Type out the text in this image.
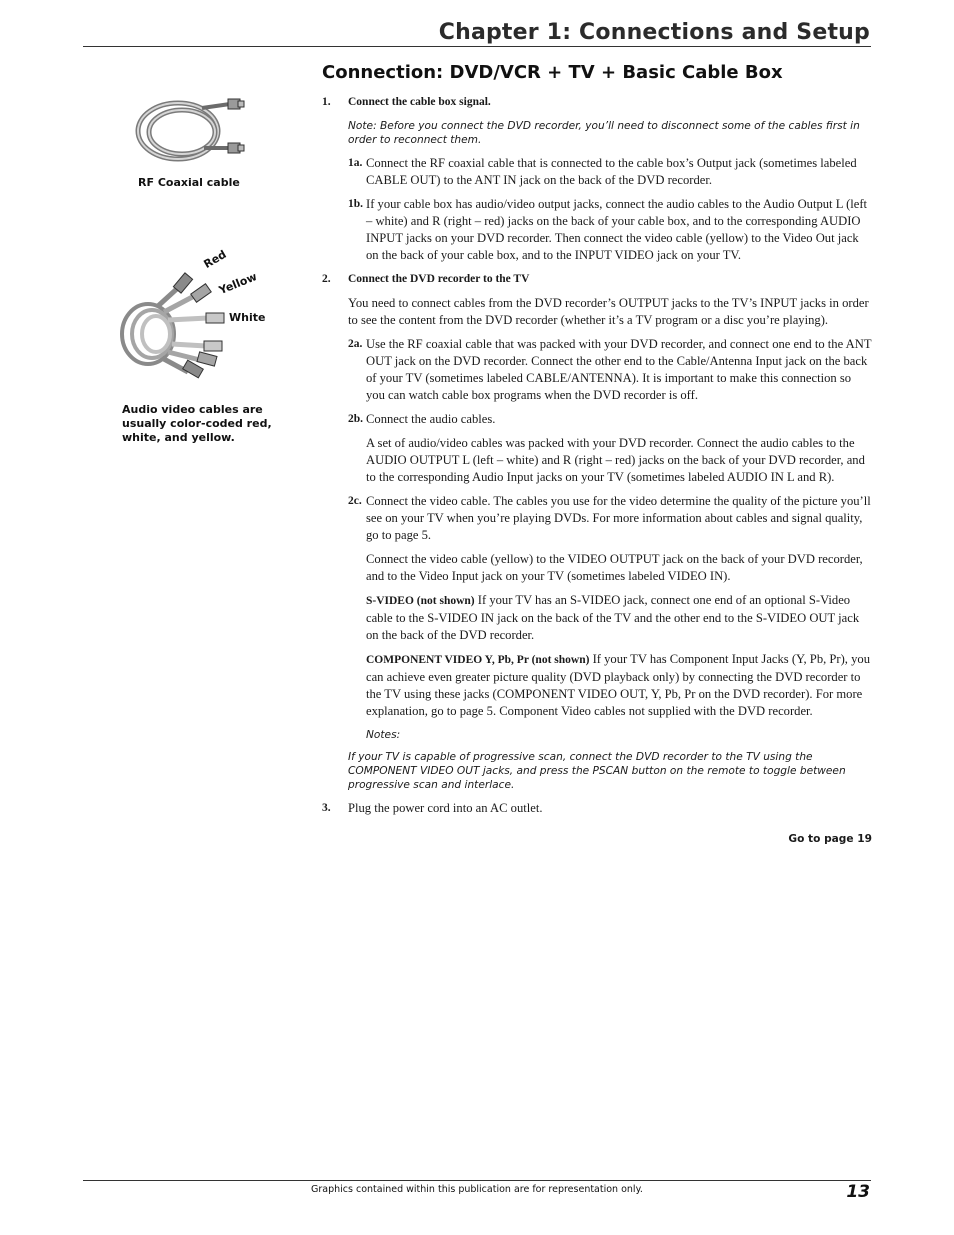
Chapter 1: Connections and Setup
Connection: DVD/VCR + TV + Basic Cable Box

RF Coaxial cable

Red
Yellow
White

Audio video cables are usually color-coded red, white, and yellow.

1. Connect the cable box signal.

Note: Before you connect the DVD recorder, you’ll need to disconnect some of the cables first in order to reconnect them.

1a. Connect the RF coaxial cable that is connected to the cable box’s Output jack (sometimes labeled CABLE OUT) to the ANT IN jack on the back of the DVD recorder.

1b. If your cable box has audio/video output jacks, connect the audio cables to the Audio Output L (left – white) and R (right – red) jacks on the back of your cable box, and to the corresponding AUDIO INPUT jacks on your DVD recorder. Then connect the video cable (yellow) to the Video Out jack on the back of your cable box, and to the INPUT VIDEO jack on your TV.

2. Connect the DVD recorder to the TV

You need to connect cables from the DVD recorder’s OUTPUT jacks to the TV’s INPUT jacks in order to see the content from the DVD recorder (whether it’s a TV program or a disc you’re playing).

2a. Use the RF coaxial cable that was packed with your DVD recorder, and connect one end to the ANT OUT jack on the DVD recorder. Connect the other end to the Cable/Antenna Input jack on the back of your TV (sometimes labeled CABLE/ANTENNA). It is important to make this connection so you can watch cable box programs when the DVD recorder is off.

2b. Connect the audio cables.

A set of audio/video cables was packed with your DVD recorder. Connect the audio cables to the AUDIO OUTPUT L (left – white) and R (right – red) jacks on the back of your DVD recorder, and to the corresponding Audio Input jacks on your TV (sometimes labeled AUDIO IN L and R).

2c. Connect the video cable. The cables you use for the video determine the quality of the picture you’ll see on your TV when you’re playing DVDs. For more information about cables and signal quality, go to page 5.

Connect the video cable (yellow) to the VIDEO OUTPUT jack on the back of your DVD recorder, and to the Video Input jack on your TV (sometimes labeled VIDEO IN).

S-VIDEO (not shown) If your TV has an S-VIDEO jack, connect one end of an optional S-Video cable to the S-VIDEO IN jack on the back of the TV and the other end to the S-VIDEO OUT jack on the back of the DVD recorder.

COMPONENT VIDEO Y, Pb, Pr (not shown) If your TV has Component Input Jacks (Y, Pb, Pr), you can achieve even greater picture quality (DVD playback only) by connecting the DVD recorder to the TV using these jacks (COMPONENT VIDEO OUT, Y, Pb, Pr on the DVD recorder). For more explanation, go to page 5. Component Video cables not supplied with the DVD recorder.

Notes:

If your TV is capable of progressive scan, connect the DVD recorder to the TV using the COMPONENT VIDEO OUT jacks, and press the PSCAN button on the remote to toggle between progressive scan and interlace.

3. Plug the power cord into an AC outlet.

Go to page 19

Graphics contained within this publication are for representation only.	13
